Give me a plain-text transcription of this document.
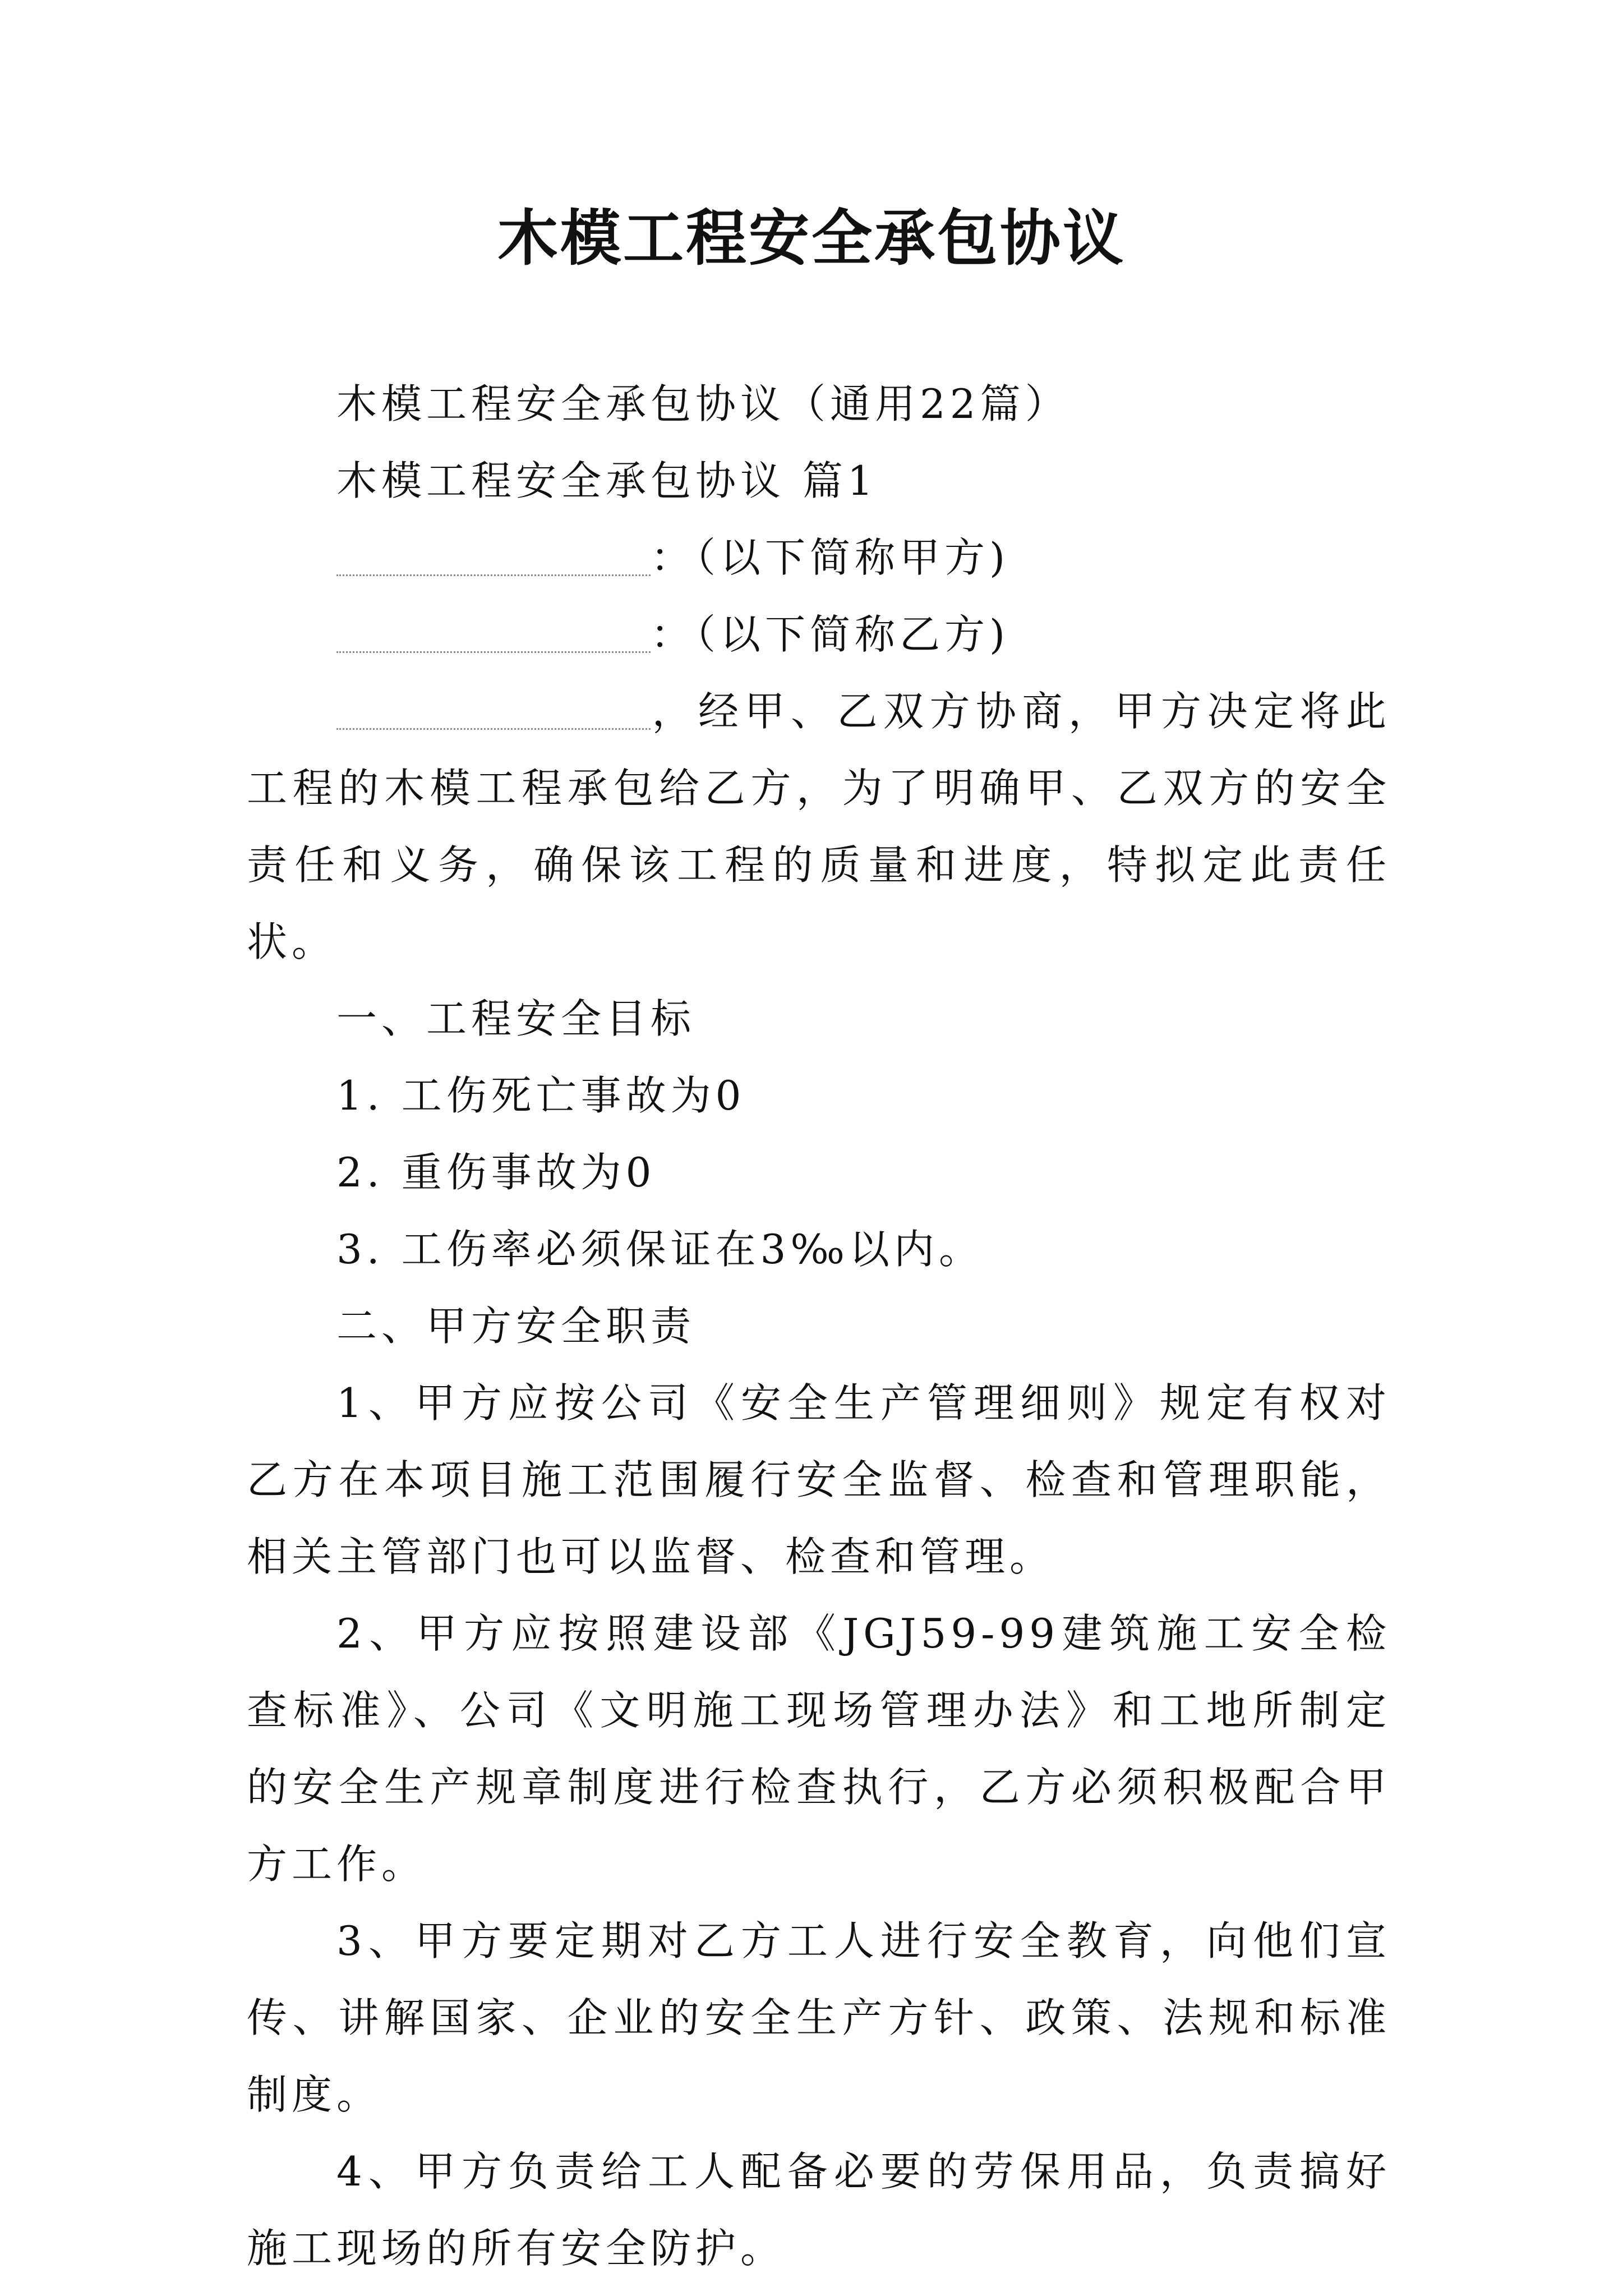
木模工程安全承包协议

木模工程安全承包协议（通用22篇）

木模工程安全承包协议 篇1

：（以下简称甲方)

：（以下简称乙方)

，经甲、乙双方协商，甲方决定将此工程的木模工程承包给乙方，为了明确甲、乙双方的安全责任和义务，确保该工程的质量和进度，特拟定此责任状。

一、工程安全目标

1. 工伤死亡事故为0

2. 重伤事故为0

3. 工伤率必须保证在3‰以内。

二、甲方安全职责

1、甲方应按公司《安全生产管理细则》规定有权对乙方在本项目施工范围履行安全监督、检查和管理职能，相关主管部门也可以监督、检查和管理。

2、甲方应按照建设部《JGJ59-99建筑施工安全检查标准》、公司《文明施工现场管理办法》和工地所制定的安全生产规章制度进行检查执行，乙方必须积极配合甲方工作。

3、甲方要定期对乙方工人进行安全教育，向他们宣传、讲解国家、企业的安全生产方针、政策、法规和标准制度。

4、甲方负责给工人配备必要的劳保用品，负责搞好施工现场的所有安全防护。
